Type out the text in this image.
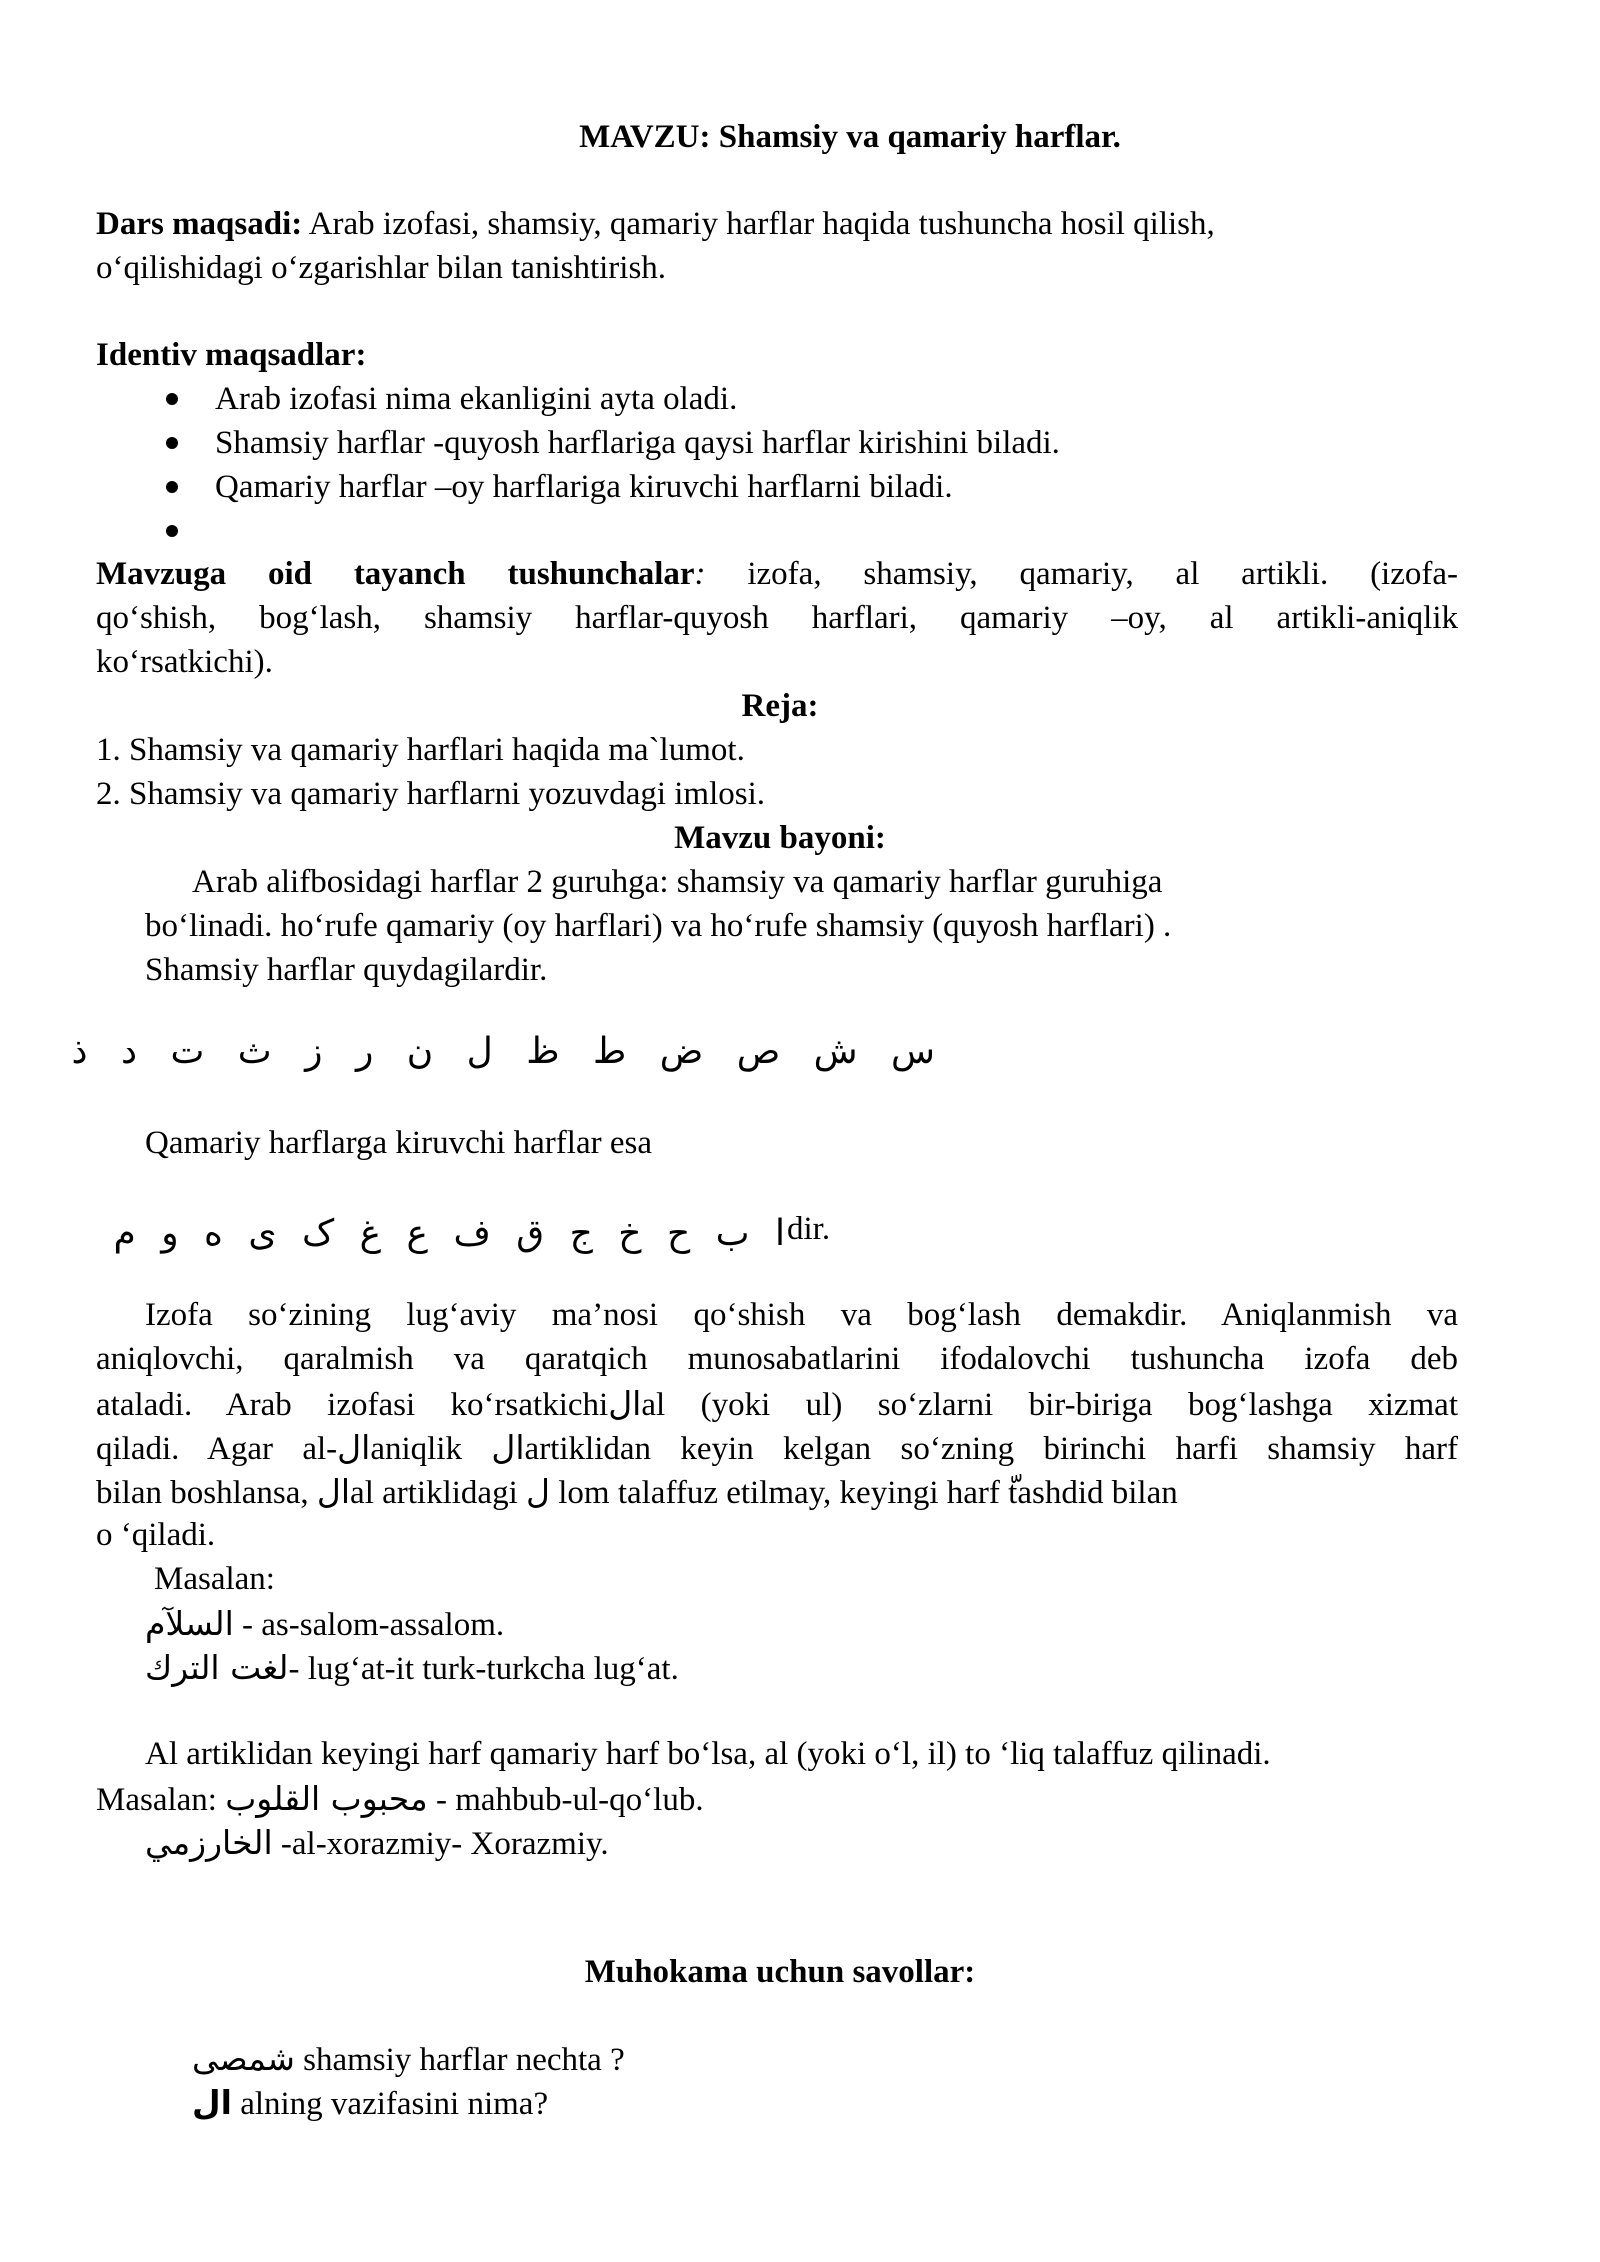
MAVZU: Shamsiy va qamariy harflar.
Dars maqsadi: Arab izofasi, shamsiy, qamariy harflar haqida tushuncha hosil qilish,
o‘qilishidagi o‘zgarishlar bilan tanishtirish.
Identiv maqsadlar:
Arab izofasi nima ekanligini ayta oladi.
Shamsiy harflar -quyosh harflariga qaysi harflar kirishini biladi.
Qamariy harflar –oy harflariga kiruvchi harflarni biladi.
Mavzuga oid tayanch tushunchalar: izofa, shamsiy, qamariy, al artikli. (izofa-
qo‘shish, bog‘lash, shamsiy harflar-quyosh harflari, qamariy –oy, al artikli-aniqlik
ko‘rsatkichi).
Reja:
1. Shamsiy va qamariy harflari haqida ma`lumot.
2. Shamsiy va qamariy harflarni yozuvdagi imlosi.
Mavzu bayoni:
Arab alifbosidagi harflar 2 guruhga: shamsiy va qamariy harflar guruhiga
bo‘linadi. ho‘rufe qamariy (oy harflari) va ho‘rufe shamsiy (quyosh harflari) .
Shamsiy harflar quydagilardir.
س ش ص ض ط ظ ل ن ر ز ث ت د ذ
Qamariy harflarga kiruvchi harflar esa
ا ب ح خ ج ق ف ع غ ک ی ه و م dir.
Izofa so‘zining lug‘aviy ma’nosi qo‘shish va bog‘lash demakdir. Aniqlanmish va
aniqlovchi, qaralmish va qaratqich munosabatlarini ifodalovchi tushuncha izofa deb
ataladi. Arab izofasi ko‘rsatkichiالal (yoki ul) so‘zlarni bir-biriga bog‘lashga xizmat
qiladi. Agar al-الaniqlik الartiklidan keyin kelgan so‘zning birinchi harfi shamsiy harf
bilan boshlansa, الal artiklidagi ل lom talaffuz etilmay, keyingi harf tashdid bilan
o ‘qiladi.
Masalan:
السلآم - as-salom-assalom.
لغت الترك- lug‘at-it turk-turkcha lug‘at.
Al artiklidan keyingi harf qamariy harf bo‘lsa, al (yoki o‘l, il) to ‘liq talaffuz qilinadi.
Masalan: محبوب القلوب - mahbub-ul-qo‘lub.
الخارزمي -al-xorazmiy- Xorazmiy.
Muhokama uchun savollar:
شمصی shamsiy harflar nechta ?
ال alning vazifasini nima?
